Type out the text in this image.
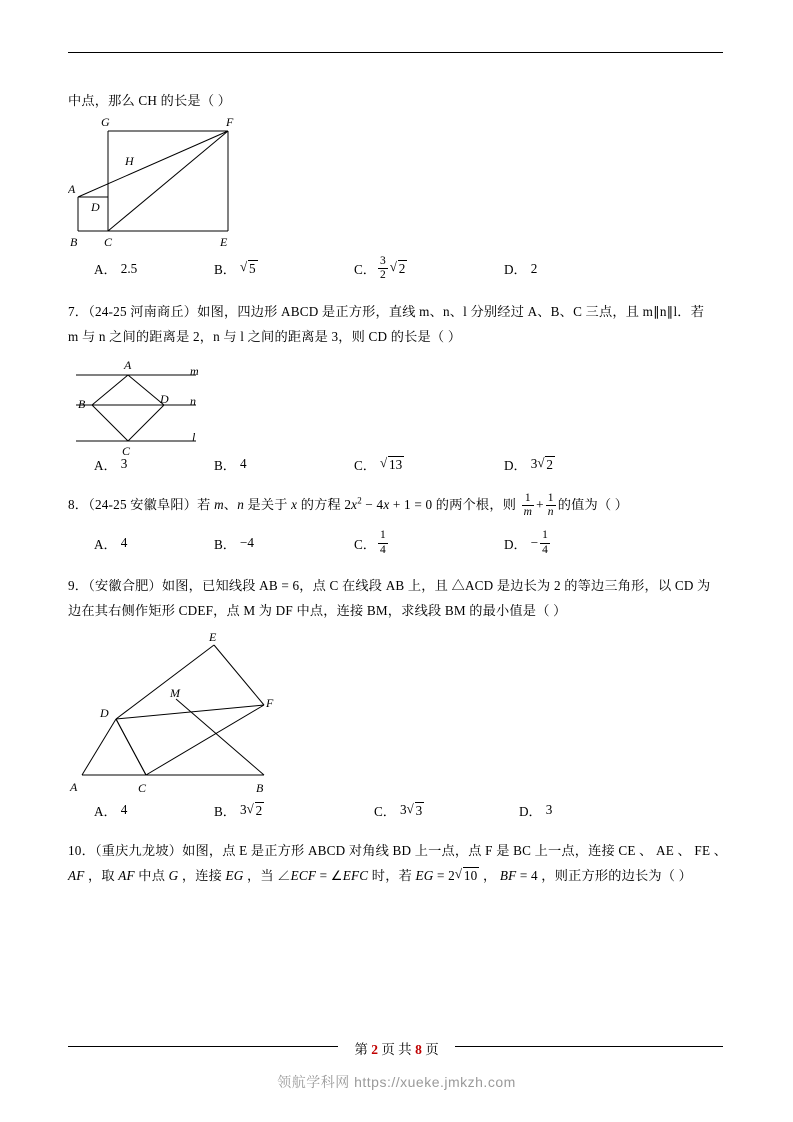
中点，那么 CH 的长是（ ）
G	F
H
A
D
B C	E
A． 2.5	B． √ 5	C． $\frac{3}{2}$ √ 2	D． 2
7．（24-25 河南商丘）如图，四边形 ABCD 是正方形，直线 m、n、l 分别经过 A、B、C 三点，且 m∥n∥l．若
m 与 n 之间的距离是 2，n 与 l 之间的距离是 3，则 CD 的长是（ ）
A	m
B	D n
C
l
A． 3	B． 4	C． √ 13	D． 3 √ 2
8．（24-25 安徽阜阳）若 m、n 是关于 x 的方程 $2x^2 - 4x + 1 = 0$ 的两个根，则 $\frac{1}{m} + \frac{1}{n}$ 的值为（ ）
A． 4	B． −4	C． $\frac{1}{4}$	D． − $\frac{1}{4}$
9．（安徽合肥）如图，已知线段 AB = 6，点 C 在线段 AB 上，且 △ACD 是边长为 2 的等边三角形，以 CD 为
边在其右侧作矩形 CDEF，点 M 为 DF 中点，连接 BM，求线段 BM 的最小值是（ ）
E
F
M
D
A	C	B
A． 4	B． 3 √ 2	C． 3 √ 3	D． 3
10．（重庆九龙坡）如图，点 E 是正方形 ABCD 对角线 BD 上一点，点 F 是 BC 上一点，连接 CE 、 AE 、 FE 、
AF ，取 AF 中点 G ，连接 EG ，当 ∠ECF = ∠EFC 时，若 EG = 2 √ 10 ， BF = 4 ，则正方形的边长为（ ）
第 2 页 共 8 页
领航学科网 https://xueke.jmkzh.com
